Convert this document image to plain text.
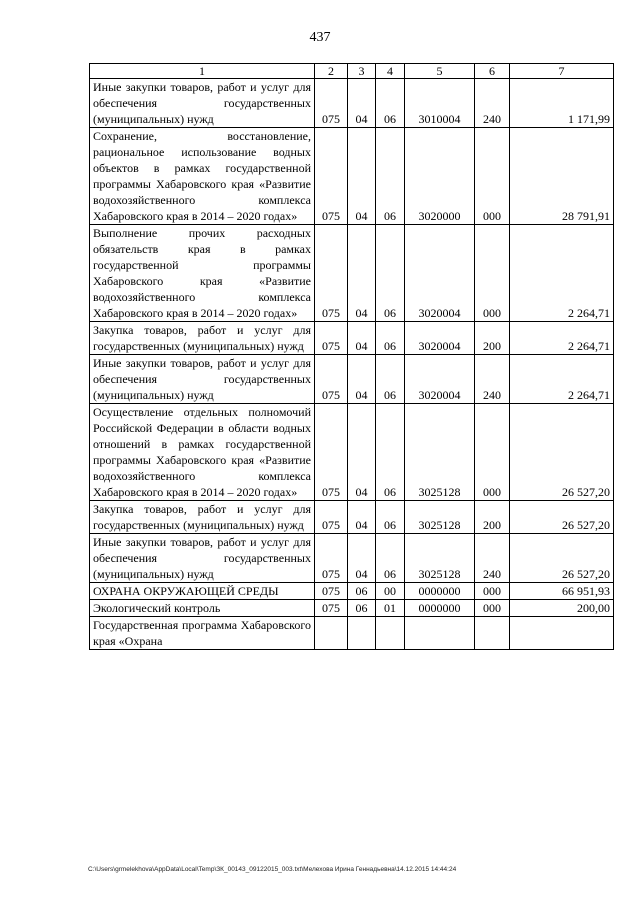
437
1	2	3	4	5	6	7
Иные закупки товаров, работ и услуг для обеспечения государственных (муниципальных) нужд	075	04	06	3010004	240	1 171,99
Сохранение, восстановление, рациональное использование водных объектов в рамках государственной программы Хабаровского края «Развитие водохозяйственного комплекса Хабаровского края в 2014 – 2020 годах»	075	04	06	3020000	000	28 791,91
Выполнение прочих расходных обязательств края в рамках государственной программы Хабаровского края «Развитие водохозяйственного комплекса Хабаровского края в 2014 – 2020 годах»	075	04	06	3020004	000	2 264,71
Закупка товаров, работ и услуг для государственных (муниципальных) нужд	075	04	06	3020004	200	2 264,71
Иные закупки товаров, работ и услуг для обеспечения государственных (муниципальных) нужд	075	04	06	3020004	240	2 264,71
Осуществление отдельных полномочий Российской Федерации в области водных отношений в рамках государственной программы Хабаровского края «Развитие водохозяйственного комплекса Хабаровского края в 2014 – 2020 годах»	075	04	06	3025128	000	26 527,20
Закупка товаров, работ и услуг для государственных (муниципальных) нужд	075	04	06	3025128	200	26 527,20
Иные закупки товаров, работ и услуг для обеспечения государственных (муниципальных) нужд	075	04	06	3025128	240	26 527,20
ОХРАНА ОКРУЖАЮЩЕЙ СРЕДЫ	075	06	00	0000000	000	66 951,93
Экологический контроль	075	06	01	0000000	000	200,00
Государственная программа Хабаровского края «Охрана						
C:\Users\grmelekhova\AppData\Local\Temp\ЗК_00143_09122015_003.txt\Мелехова Ирина Геннадьевна\14.12.2015 14:44:24
